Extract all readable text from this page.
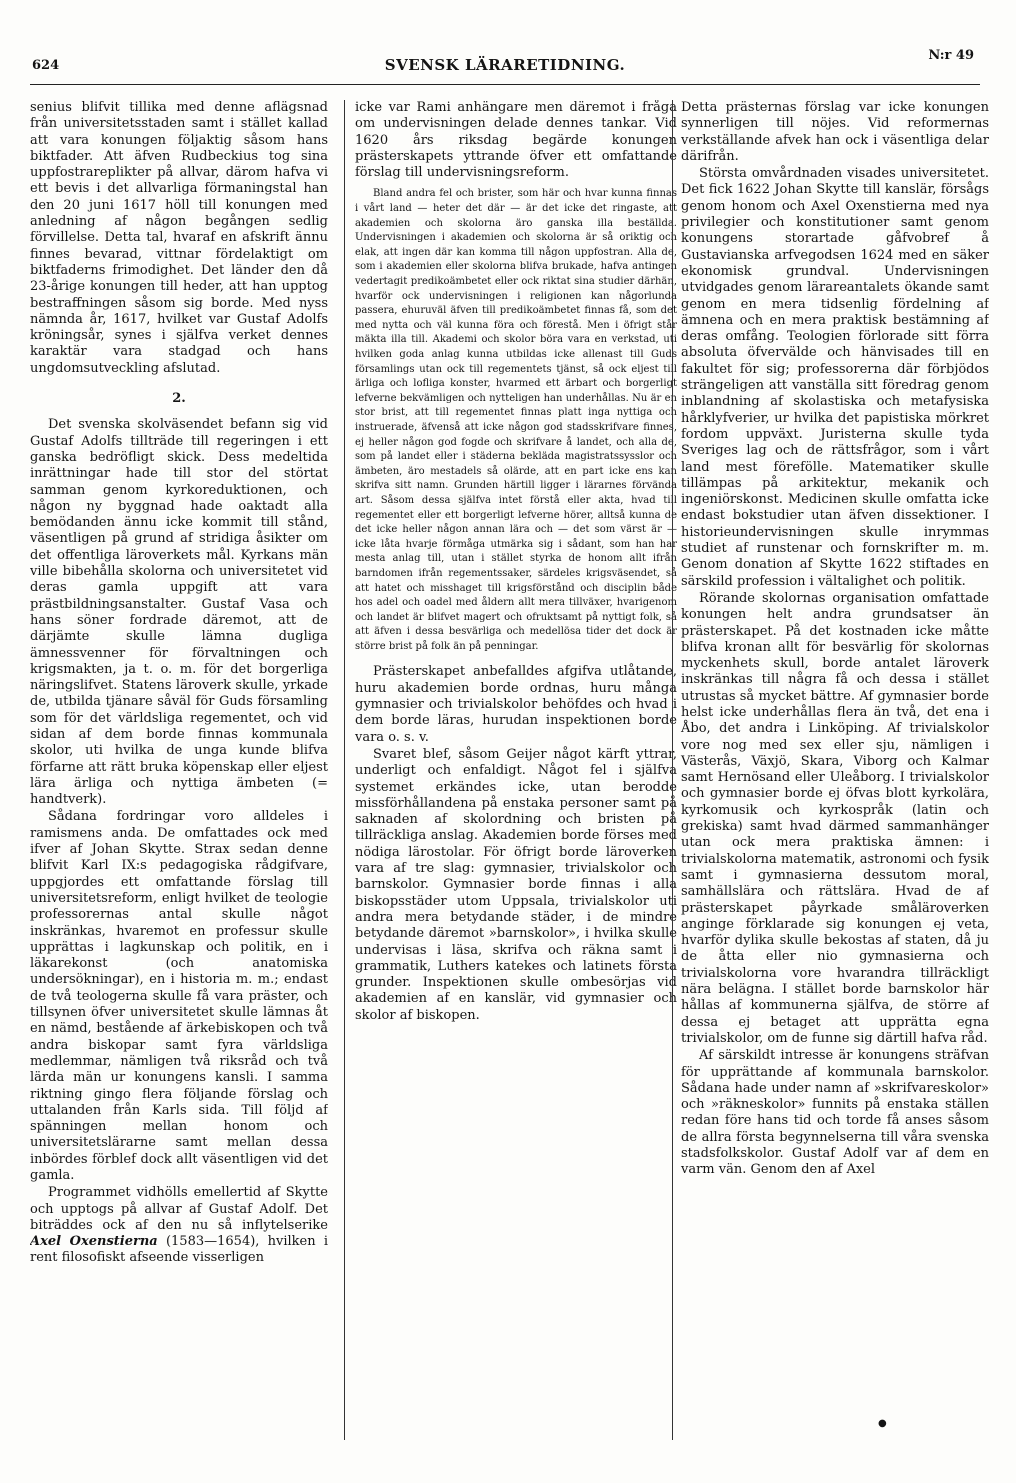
624	SVENSK LÄRARETIDNING.
N:r 49

senius blifvit tillika med denne aflägsnad från universitetsstaden samt i stället kallad att vara konungen följaktig såsom hans biktfader. Att äfven Rudbeckius tog sina uppfostrareplikter på allvar, därom hafva vi ett bevis i det allvarliga förmaningstal han den 20 juni 1617 höll till konungen med anledning af någon begången sedlig förvillelse. Detta tal, hvaraf en afskrift ännu finnes bevarad, vittnar fördelaktigt om biktfaderns frimodighet. Det länder den då 23-årige konungen till heder, att han upptog bestraffningen såsom sig borde. Med nyss nämnda år, 1617, hvilket var Gustaf Adolfs kröningsår, synes i själfva verket dennes karaktär vara stadgad och hans ungdomsutveckling afslutad.

2.

Det svenska skolväsendet befann sig vid Gustaf Adolfs tillträde till regeringen i ett ganska bedröfligt skick. Dess medeltida inrättningar hade till stor del störtat samman genom kyrkoreduktionen, och någon ny byggnad hade oaktadt alla bemödanden ännu icke kommit till stånd, väsentligen på grund af stridiga åsikter om det offentliga läroverkets mål. Kyrkans män ville bibehålla skolorna och universitetet vid deras gamla uppgift att vara prästbildningsanstalter. Gustaf Vasa och hans söner fordrade däremot, att de därjämte skulle lämna dugliga ämnessvenner för förvaltningen och krigsmakten, ja t. o. m. för det borgerliga näringslifvet. Statens läroverk skulle, yrkade de, utbilda tjänare såväl för Guds församling som för det världsliga regementet, och vid sidan af dem borde finnas kommunala skolor, uti hvilka de unga kunde blifva förfarne att rätt bruka köpenskap eller eljest lära ärliga och nyttiga ämbeten (= handtverk).

Sådana fordringar voro alldeles i ramismens anda. De omfattades ock med ifver af Johan Skytte. Strax sedan denne blifvit Karl IX:s pedagogiska rådgifvare, uppgjordes ett omfattande förslag till universitetsreform, enligt hvilket de teologie professorernas antal skulle något inskränkas, hvaremot en professur skulle upprättas i lagkunskap och politik, en i läkarekonst (och anatomiska undersökningar), en i historia m. m.; endast de två teologerna skulle få vara präster, och tillsynen öfver universitetet skulle lämnas åt en nämd, bestående af ärkebiskopen och två andra biskopar samt fyra världsliga medlemmar, nämligen två riksråd och två lärda män ur konungens kansli. I samma riktning gingo flera följande förslag och uttalanden från Karls sida. Till följd af spänningen mellan honom och universitetslärarne samt mellan dessa inbördes förblef dock allt väsentligen vid det gamla.

Programmet vidhölls emellertid af Skytte och upptogs på allvar af Gustaf Adolf. Det biträddes ock af den nu så inflytelserike Axel Oxenstierna (1583—1654), hvilken i rent filosofiskt afseende visserligen

icke var Rami anhängare men däremot i fråga om undervisningen delade dennes tankar. Vid 1620 års riksdag begärde konungen prästerskapets yttrande öfver ett omfattande förslag till undervisningsreform.

Bland andra fel och brister, som här och hvar kunna finnas i vårt land — heter det där — är det icke det ringaste, att akademien och skolorna äro ganska illa beställda. Undervisningen i akademien och skolorna är så oriktig och elak, att ingen där kan komma till någon uppfostran. Alla de, som i akademien eller skolorna blifva brukade, hafva antingen vedertagit predikoämbetet eller ock riktat sina studier därhän, hvarför ock undervisningen i religionen kan någorlunda passera, ehuruväl äfven till predikoämbetet finnas få, som det med nytta och väl kunna föra och förestå. Men i öfrigt står mäkta illa till. Akademi och skolor böra vara en verkstad, uti hvilken goda anlag kunna utbildas icke allenast till Guds församlings utan ock till regementets tjänst, så ock eljest till ärliga och lofliga konster, hvarmed ett ärbart och borgerligt lefverne bekvämligen och nytteligen han underhållas. Nu är en stor brist, att till regementet finnas platt inga nyttiga och instruerade, äfvenså att icke någon god stadsskrifvare finnes, ej heller någon god fogde och skrifvare å landet, och alla de, som på landet eller i städerna bekläda magistratssysslor och ämbeten, äro mestadels så olärde, att en part icke ens kan skrifva sitt namn. Grunden härtill ligger i lärarnes förvända art. Såsom dessa själfva intet förstå eller akta, hvad till regementet eller ett borgerligt lefverne hörer, alltså kunna de det icke heller någon annan lära och — det som värst är — icke låta hvarje förmåga utmärka sig i sådant, som han har mesta anlag till, utan i stället styrka de honom allt ifrån barndomen ifrån regementssaker, särdeles krigsväsendet, så att hatet och misshaget till krigsförstånd och disciplin både hos adel och oadel med åldern allt mera tillväxer, hvarigenom och landet är blifvet magert och ofruktsamt på nyttigt folk, så att äfven i dessa besvärliga och medellösa tider det dock är större brist på folk än på penningar.

Prästerskapet anbefalldes afgifva utlåtande, huru akademien borde ordnas, huru många gymnasier och trivialskolor behöfdes och hvad i dem borde läras, hurudan inspektionen borde vara o. s. v.

Svaret blef, såsom Geijer något kärft yttrar, underligt och enfaldigt. Något fel i själfva systemet erkändes icke, utan berodde missförhållandena på enstaka personer samt på saknaden af skolordning och bristen på tillräckliga anslag. Akademien borde förses med nödiga lärostolar. För öfrigt borde läroverken vara af tre slag: gymnasier, trivialskolor och barnskolor. Gymnasier borde finnas i alla biskopsstäder utom Uppsala, trivialskolor uti andra mera betydande städer, i de mindre betydande däremot »barnskolor», i hvilka skulle undervisas i läsa, skrifva och räkna samt i grammatik, Luthers katekes och latinets första grunder. Inspektionen skulle ombesörjas vid akademien af en kanslär, vid gymnasier och skolor af biskopen.

Detta prästernas förslag var icke konungen synnerligen till nöjes. Vid reformernas verkställande afvek han ock i väsentliga delar därifrån.

Största omvårdnaden visades universitetet. Det fick 1622 Johan Skytte till kanslär, försågs genom honom och Axel Oxenstierna med nya privilegier och konstitutioner samt genom konungens storartade gåfvobref å Gustavianska arfvegodsen 1624 med en säker ekonomisk grundval. Undervisningen utvidgades genom lärareantalets ökande samt genom en mera tidsenlig fördelning af ämnena och en mera praktisk bestämning af deras omfång. Teologien förlorade sitt förra absoluta öfvervälde och hänvisades till en fakultet för sig; professorerna där förbjödos strängeligen att vanställa sitt föredrag genom inblandning af skolastiska och metafysiska hårklyfverier, ur hvilka det papistiska mörkret fordom uppväxt. Juristerna skulle tyda Sveriges lag och de rättsfrågor, som i vårt land mest förefölle. Matematiker skulle tillämpas på arkitektur, mekanik och ingeniörskonst. Medicinen skulle omfatta icke endast bokstudier utan äfven dissektioner. I historieundervisningen skulle inrymmas studiet af runstenar och fornskrifter m. m. Genom donation af Skytte 1622 stiftades en särskild profession i vältalighet och politik.

Rörande skolornas organisation omfattade konungen helt andra grundsatser än prästerskapet. På det kostnaden icke måtte blifva kronan allt för besvärlig för skolornas myckenhets skull, borde antalet läroverk inskränkas till några få och dessa i stället utrustas så mycket bättre. Af gymnasier borde helst icke underhållas flera än två, det ena i Åbo, det andra i Linköping. Af trivialskolor vore nog med sex eller sju, nämligen i Västerås, Växjö, Skara, Viborg och Kalmar samt Hernösand eller Uleåborg. I trivialskolor och gymnasier borde ej öfvas blott kyrkolära, kyrkomusik och kyrkospråk (latin och grekiska) samt hvad därmed sammanhänger utan ock mera praktiska ämnen: i trivialskolorna matematik, astronomi och fysik samt i gymnasierna dessutom moral, samhällslära och rättslära. Hvad de af prästerskapet påyrkade småläroverken anginge förklarade sig konungen ej veta, hvarför dylika skulle bekostas af staten, då ju de åtta eller nio gymnasierna och trivialskolorna vore hvarandra tillräckligt nära belägna. I stället borde barnskolor här hållas af kommunerna själfva, de större af dessa ej betaget att upprätta egna trivialskolor, om de funne sig därtill hafva råd.

Af särskildt intresse är konungens sträfvan för upprättande af kommunala barnskolor. Sådana hade under namn af »skrifvareskolor» och »räkneskolor» funnits på enstaka ställen redan före hans tid och torde få anses såsom de allra första begynnelserna till våra svenska stadsfolkskolor. Gustaf Adolf var af dem en varm vän. Genom den af Axel

●
